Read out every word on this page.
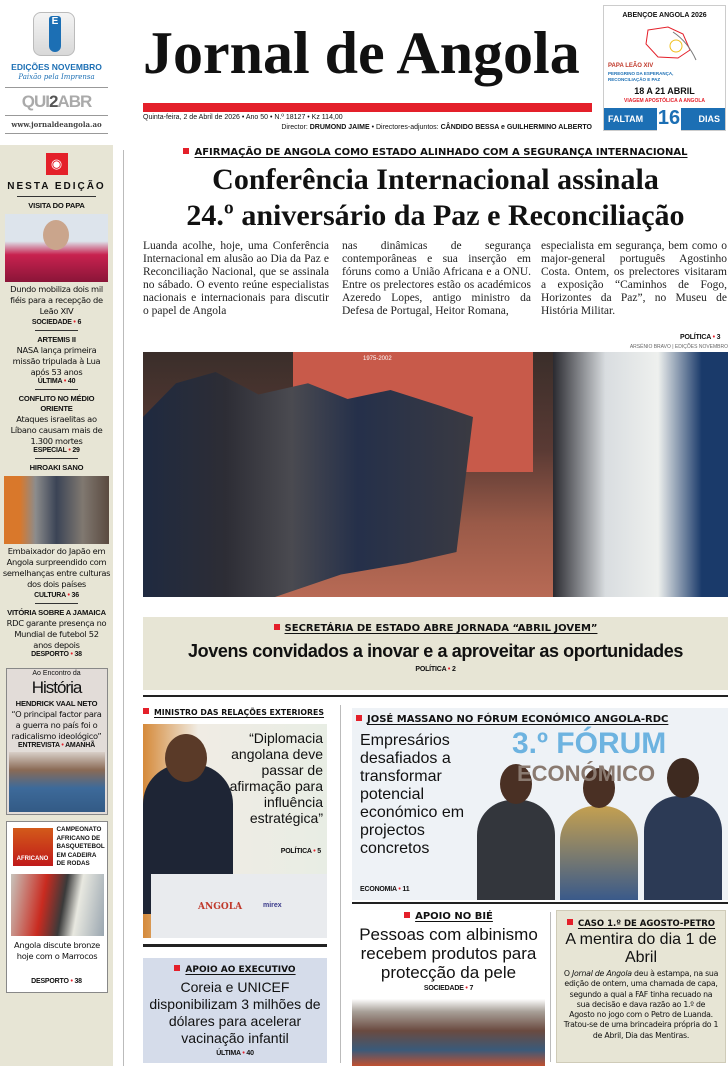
E
EDIÇÕES NOVEMBRO
Paixão pela Imprensa
QUI2ABR
www.jornaldeangola.ao
Jornal de Angola
Quinta-feira, 2 de Abril de 2026 • Ano 50 • N.º 18127 • Kz 114,00
Director: DRUMOND JAIME • Directores-adjuntos: CÂNDIDO BESSA e GUILHERMINO ALBERTO
ABENÇOE ANGOLA 2026
PAPA LEÃO XIV
PEREGRINO DA ESPERANÇA,
RECONCILIAÇÃO E PAZ
18 A 21 ABRIL
VIAGEM APOSTÓLICA A ANGOLA
FALTAM 16 DIAS
◉
NESTA EDIÇÃO
VISITA DO PAPA
Dundo mobiliza dois mil fiéis para a recepção de Leão XIV
SOCIEDADE • 6
ARTEMIS II
NASA lança primeira missão tripulada à Lua após 53 anos
ÚLTIMA • 40
CONFLITO NO MÉDIO ORIENTE
Ataques israelitas ao Líbano causam mais de 1.300 mortes
ESPECIAL • 29
HIROAKI SANO
Embaixador do Japão em Angola surpreendido com semelhanças entre culturas dos dois países
CULTURA • 36
VITÓRIA SOBRE A JAMAICA
RDC garante presença no Mundial de futebol 52 anos depois
DESPORTO • 38
Ao Encontro da
História
HENDRICK VAAL NETO
“O principal factor para a guerra no país foi o radicalismo ideológico”
ENTREVISTA • AMANHÃ
AFRICANO
CAMPEONATO AFRICANO DE BASQUETEBOL EM CADEIRA DE RODAS
Angola discute bronze hoje com o Marrocos
DESPORTO • 38
AFIRMAÇÃO DE ANGOLA COMO ESTADO ALINHADO COM A SEGURANÇA INTERNACIONAL
Conferência Internacional assinala
24.º aniversário da Paz e Reconciliação
Luanda acolhe, hoje, uma Conferência Internacional em alusão ao Dia da Paz e Reconciliação Nacional, que se assinala no sábado. O evento reúne especialistas nacionais e internacionais para discutir o papel de Angola
nas dinâmicas de segurança contemporâneas e sua inserção em fóruns como a União Africana e a ONU. Entre os prelectores estão os académicos Azeredo Lopes, antigo ministro da Defesa de Portugal, Heitor Romana,
especialista em segurança, bem como o major-general português Agostinho Costa. Ontem, os prelectores visitaram a exposição “Caminhos de Fogo, Horizontes da Paz”, no Museu de História Militar.
POLÍTICA • 3
ARSÉNIO BRAVO | EDIÇÕES NOVEMBRO
1975-2002
SECRETÁRIA DE ESTADO ABRE JORNADA “ABRIL JOVEM”
Jovens convidados a inovar e a aproveitar as oportunidades
POLÍTICA • 2
MINISTRO DAS RELAÇÕES EXTERIORES
ANGOLA	mirex
“Diplomacia angolana deve passar de afirmação para influência estratégica”
POLÍTICA • 5
APOIO AO EXECUTIVO
Coreia e UNICEF disponibilizam 3 milhões de dólares para acelerar vacinação infantil
ÚLTIMA • 40
JOSÉ MASSANO NO FÓRUM ECONÓMICO ANGOLA-RDC
Empresários desafiados a transformar potencial económico em projectos concretos
ECONOMIA • 11
3.º FÓRUM
ECONÓMICO
APOIO NO BIÉ
Pessoas com albinismo recebem produtos para protecção da pele
SOCIEDADE • 7
CASO 1.º DE AGOSTO-PETRO
A mentira do dia 1 de Abril
O Jornal de Angola deu à estampa, na sua edição de ontem, uma chamada de capa, segundo a qual a FAF tinha recuado na sua decisão e dava razão ao 1.º de Agosto no jogo com o Petro de Luanda. Tratou-se de uma brincadeira própria do 1 de Abril, Dia das Mentiras.
